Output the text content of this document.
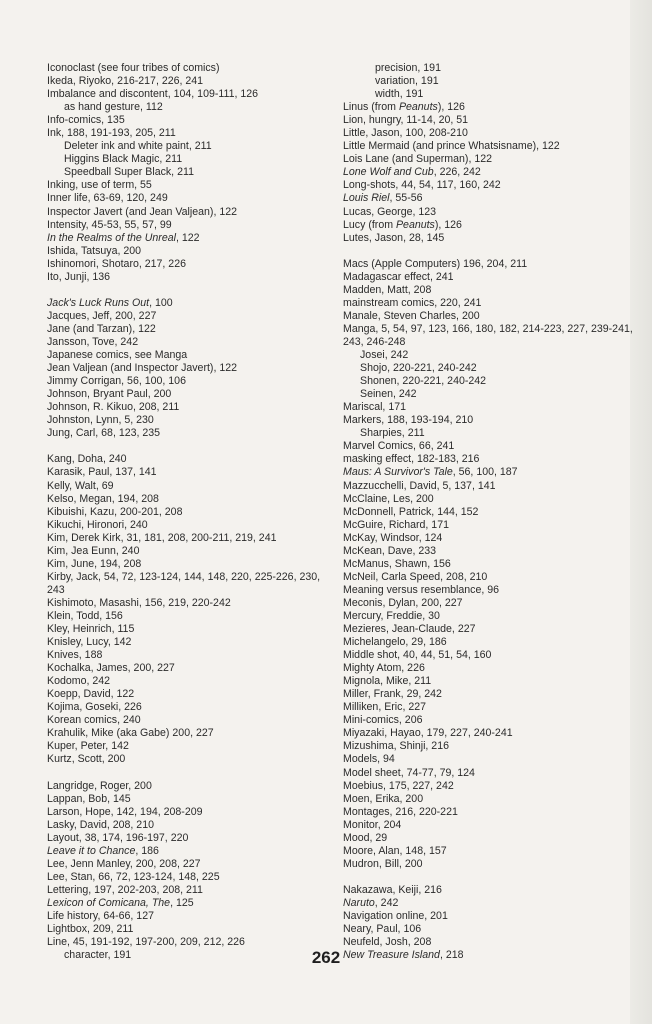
Iconoclast (see four tribes of comics)
Ikeda, Riyoko, 216-217, 226, 241
Imbalance and discontent, 104, 109-111, 126
as hand gesture, 112
Info-comics, 135
Ink, 188, 191-193, 205, 211
Deleter ink and white paint, 211
Higgins Black Magic, 211
Speedball Super Black, 211
Inking, use of term, 55
Inner life, 63-69, 120, 249
Inspector Javert (and Jean Valjean), 122
Intensity, 45-53, 55, 57, 99
In the Realms of the Unreal, 122
Ishida, Tatsuya, 200
Ishinomori, Shotaro, 217, 226
Ito, Junji, 136
Jack's Luck Runs Out, 100
Jacques, Jeff, 200, 227
Jane (and Tarzan), 122
Jansson, Tove, 242
Japanese comics, see Manga
Jean Valjean (and Inspector Javert), 122
Jimmy Corrigan, 56, 100, 106
Johnson, Bryant Paul, 200
Johnson, R. Kikuo, 208, 211
Johnston, Lynn, 5, 230
Jung, Carl, 68, 123, 235
Kang, Doha, 240
Karasik, Paul, 137, 141
Kelly, Walt, 69
Kelso, Megan, 194, 208
Kibuishi, Kazu, 200-201, 208
Kikuchi, Hironori, 240
Kim, Derek Kirk, 31, 181, 208, 200-211, 219, 241
Kim, Jea Eunn, 240
Kim, June, 194, 208
Kirby, Jack, 54, 72, 123-124, 144, 148, 220, 225-226, 230, 243
Kishimoto, Masashi, 156, 219, 220-242
Klein, Todd, 156
Kley, Heinrich, 115
Knisley, Lucy, 142
Knives, 188
Kochalka, James, 200, 227
Kodomo, 242
Koepp, David, 122
Kojima, Goseki, 226
Korean comics, 240
Krahulik, Mike (aka Gabe) 200, 227
Kuper, Peter, 142
Kurtz, Scott, 200
Langridge, Roger, 200
Lappan, Bob, 145
Larson, Hope, 142, 194, 208-209
Lasky, David, 208, 210
Layout, 38, 174, 196-197, 220
Leave it to Chance, 186
Lee, Jenn Manley, 200, 208, 227
Lee, Stan, 66, 72, 123-124, 148, 225
Lettering, 197, 202-203, 208, 211
Lexicon of Comicana, The, 125
Life history, 64-66, 127
Lightbox, 209, 211
Line, 45, 191-192, 197-200, 209, 212, 226
character, 191
precision, 191
variation, 191
width, 191
Linus (from Peanuts), 126
Lion, hungry, 11-14, 20, 51
Little, Jason, 100, 208-210
Little Mermaid (and prince Whatsisname), 122
Lois Lane (and Superman), 122
Lone Wolf and Cub, 226, 242
Long-shots, 44, 54, 117, 160, 242
Louis Riel, 55-56
Lucas, George, 123
Lucy (from Peanuts), 126
Lutes, Jason, 28, 145
Macs (Apple Computers) 196, 204, 211
Madagascar effect, 241
Madden, Matt, 208
mainstream comics, 220, 241
Manale, Steven Charles, 200
Manga, 5, 54, 97, 123, 166, 180, 182, 214-223, 227, 239-241, 243, 246-248
Josei, 242
Shojo, 220-221, 240-242
Shonen, 220-221, 240-242
Seinen, 242
Mariscal, 171
Markers, 188, 193-194, 210
Sharpies, 211
Marvel Comics, 66, 241
masking effect, 182-183, 216
Maus: A Survivor's Tale, 56, 100, 187
Mazzucchelli, David, 5, 137, 141
McClaine, Les, 200
McDonnell, Patrick, 144, 152
McGuire, Richard, 171
McKay, Windsor, 124
McKean, Dave, 233
McManus, Shawn, 156
McNeil, Carla Speed, 208, 210
Meaning versus resemblance, 96
Meconis, Dylan, 200, 227
Mercury, Freddie, 30
Mezieres, Jean-Claude, 227
Michelangelo, 29, 186
Middle shot, 40, 44, 51, 54, 160
Mighty Atom, 226
Mignola, Mike, 211
Miller, Frank, 29, 242
Milliken, Eric, 227
Mini-comics, 206
Miyazaki, Hayao, 179, 227, 240-241
Mizushima, Shinji, 216
Models, 94
Model sheet, 74-77, 79, 124
Moebius, 175, 227, 242
Moen, Erika, 200
Montages, 216, 220-221
Monitor, 204
Mood, 29
Moore, Alan, 148, 157
Mudron, Bill, 200
Nakazawa, Keiji, 216
Naruto, 242
Navigation online, 201
Neary, Paul, 106
Neufeld, Josh, 208
New Treasure Island, 218
262
